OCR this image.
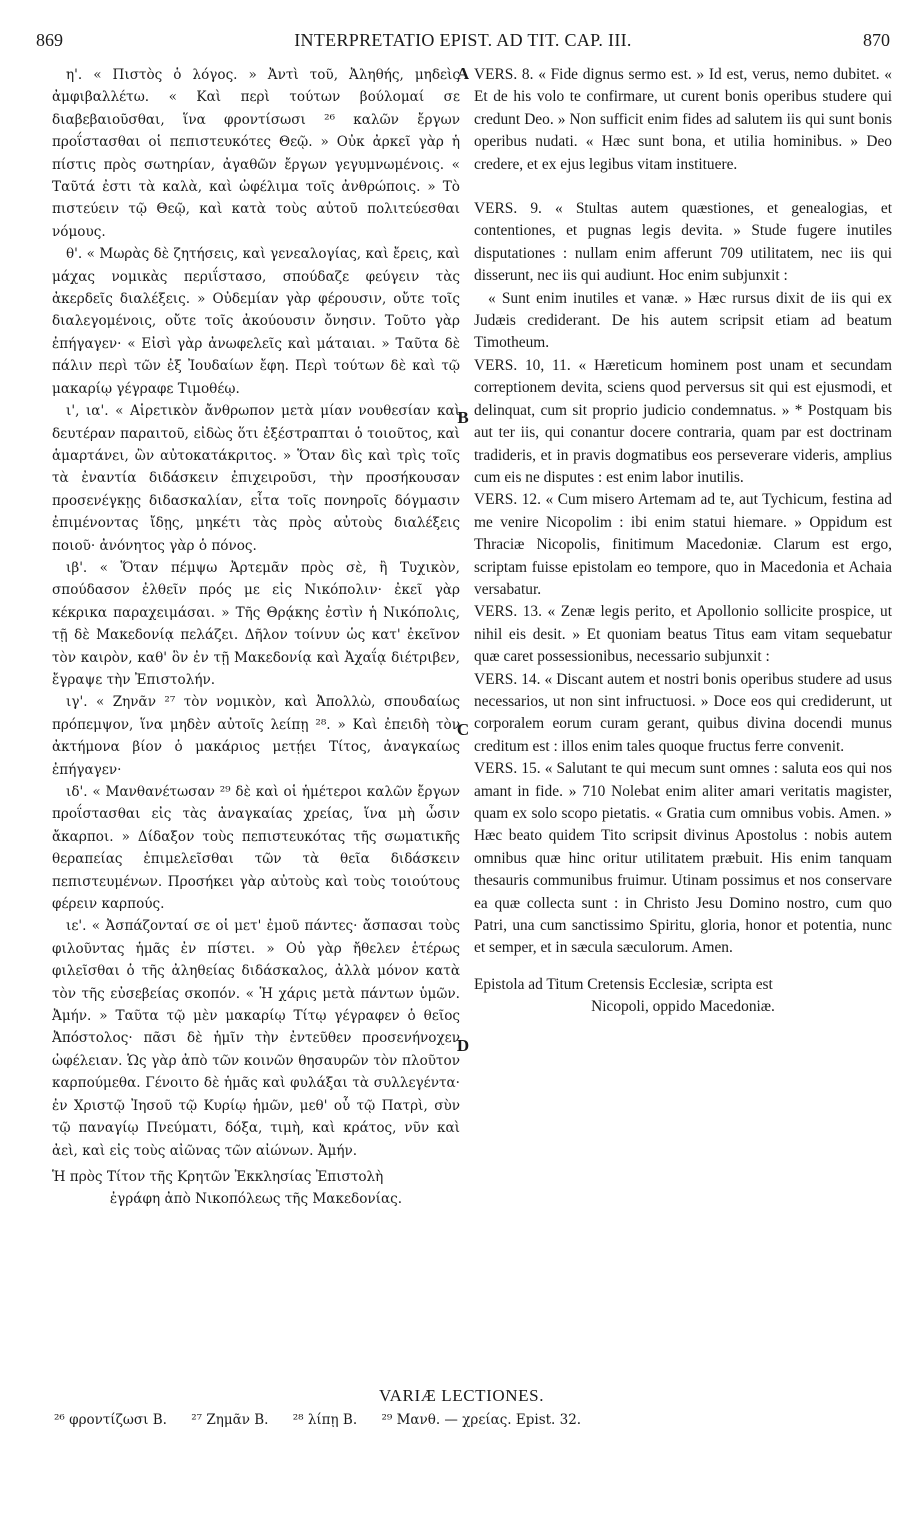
869	INTERPRETATIO EPIST. AD TIT. CAP. III.	870

η'. « Πιστὸς ὁ λόγος. » Ἀντὶ τοῦ, Ἀληθής, μηδεὶς ἀμφιβαλλέτω. « Καὶ περὶ τούτων βούλομαί σε διαβεβαιοῦσθαι, ἵνα φροντίσωσι ²⁶ καλῶν ἔργων προΐστασθαι οἱ πεπιστευκότες Θεῷ. » Οὐκ ἀρκεῖ γὰρ ἡ πίστις πρὸς σωτηρίαν, ἀγαθῶν ἔργων γεγυμνωμένοις. « Ταῦτά ἐστι τὰ καλὰ, καὶ ὠφέλιμα τοῖς ἀνθρώποις. » Τὸ πιστεύειν τῷ Θεῷ, καὶ κατὰ τοὺς αὐτοῦ πολιτεύεσθαι νόμους.

θ'. « Μωρὰς δὲ ζητήσεις, καὶ γενεαλογίας, καὶ ἔρεις, καὶ μάχας νομικὰς περιΐστασο, σπούδαζε φεύγειν τὰς ἀκερδεῖς διαλέξεις. » Οὐδεμίαν γὰρ φέρουσιν, οὔτε τοῖς διαλεγομένοις, οὔτε τοῖς ἀκούουσιν ὄνησιν. Τοῦτο γὰρ ἐπήγαγεν· « Εἰσὶ γὰρ ἀνωφελεῖς καὶ μάταιαι. » Ταῦτα δὲ πάλιν περὶ τῶν ἐξ Ἰουδαίων ἔφη. Περὶ τούτων δὲ καὶ τῷ μακαρίῳ γέγραφε Τιμοθέῳ.

ι', ια'. « Αἱρετικὸν ἄνθρωπον μετὰ μίαν νουθεσίαν καὶ δευτέραν παραιτοῦ, εἰδὼς ὅτι ἐξέστραπται ὁ τοιοῦτος, καὶ ἁμαρτάνει, ὢν αὐτοκατάκριτος. » Ὅταν δὶς καὶ τρὶς τοῖς τὰ ἐναντία διδάσκειν ἐπιχειροῦσι, τὴν προσήκουσαν προσενέγκῃς διδασκαλίαν, εἶτα τοῖς πονηροῖς δόγμασιν ἐπιμένοντας ἴδῃς, μηκέτι τὰς πρὸς αὐτοὺς διαλέξεις ποιοῦ· ἀνόνητος γὰρ ὁ πόνος.

ιβ'. « Ὅταν πέμψω Ἀρτεμᾶν πρὸς σὲ, ἢ Τυχικὸν, σπούδασον ἐλθεῖν πρός με εἰς Νικόπολιν· ἐκεῖ γὰρ κέκρικα παραχειμάσαι. » Τῆς Θρᾴκης ἐστὶν ἡ Νικόπολις, τῇ δὲ Μακεδονίᾳ πελάζει. Δῆλον τοίνυν ὡς κατ' ἐκεῖνον τὸν καιρὸν, καθ' ὃν ἐν τῇ Μακεδονίᾳ καὶ Ἀχαΐᾳ διέτριβεν, ἔγραψε τὴν Ἐπιστολήν.

ιγ'. « Ζηνᾶν ²⁷ τὸν νομικὸν, καὶ Ἀπολλὼ, σπουδαίως πρόπεμψον, ἵνα μηδὲν αὐτοῖς λείπῃ ²⁸. » Καὶ ἐπειδὴ τὸν ἀκτήμονα βίον ὁ μακάριος μετῄει Τίτος, ἀναγκαίως ἐπήγαγεν·

ιδ'. « Μανθανέτωσαν ²⁹ δὲ καὶ οἱ ἡμέτεροι καλῶν ἔργων προΐστασθαι εἰς τὰς ἀναγκαίας χρείας, ἵνα μὴ ὦσιν ἄκαρποι. » Δίδαξον τοὺς πεπιστευκότας τῆς σωματικῆς θεραπείας ἐπιμελεῖσθαι τῶν τὰ θεῖα διδάσκειν πεπιστευμένων. Προσήκει γὰρ αὐτοὺς καὶ τοὺς τοιούτους φέρειν καρπούς.

ιε'. « Ἀσπάζονταί σε οἱ μετ' ἐμοῦ πάντες· ἄσπασαι τοὺς φιλοῦντας ἡμᾶς ἐν πίστει. » Οὐ γὰρ ἤθελεν ἑτέρως φιλεῖσθαι ὁ τῆς ἀληθείας διδάσκαλος, ἀλλὰ μόνον κατὰ τὸν τῆς εὐσεβείας σκοπόν. « Ἡ χάρις μετὰ πάντων ὑμῶν. Ἀμήν. » Ταῦτα τῷ μὲν μακαρίῳ Τίτῳ γέγραφεν ὁ θεῖος Ἀπόστολος· πᾶσι δὲ ἡμῖν τὴν ἐντεῦθεν προσενήνοχεν ὠφέλειαν. Ὡς γὰρ ἀπὸ τῶν κοινῶν θησαυρῶν τὸν πλοῦτον καρπούμεθα. Γένοιτο δὲ ἡμᾶς καὶ φυλάξαι τὰ συλλεγέντα· ἐν Χριστῷ Ἰησοῦ τῷ Κυρίῳ ἡμῶν, μεθ' οὗ τῷ Πατρὶ, σὺν τῷ παναγίῳ Πνεύματι, δόξα, τιμὴ, καὶ κράτος, νῦν καὶ ἀεὶ, καὶ εἰς τοὺς αἰῶνας τῶν αἰώνων. Ἀμήν.

Ἡ πρὸς Τίτον τῆς Κρητῶν Ἐκκλησίας Ἐπιστολὴ

ἐγράφη ἀπὸ Νικοπόλεως τῆς Μακεδονίας.

VERS. 8. « Fide dignus sermo est. » Id est, verus, nemo dubitet. « Et de his volo te confirmare, ut curent bonis operibus studere qui credunt Deo. » Non sufficit enim fides ad salutem iis qui sunt bonis operibus nudati. « Hæc sunt bona, et utilia hominibus. » Deo credere, et ex ejus legibus vitam instituere.

VERS. 9. « Stultas autem quæstiones, et genealogias, et contentiones, et pugnas legis devita. » Stude fugere inutiles disputationes : nullam enim afferunt 709 utilitatem, nec iis qui disserunt, nec iis qui audiunt. Hoc enim subjunxit :

« Sunt enim inutiles et vanæ. » Hæc rursus dixit de iis qui ex Judæis crediderant. De his autem scripsit etiam ad beatum Timotheum.

VERS. 10, 11. « Hæreticum hominem post unam et secundam correptionem devita, sciens quod perversus sit qui est ejusmodi, et delinquat, cum sit proprio judicio condemnatus. » * Postquam bis aut ter iis, qui conantur docere contraria, quam par est doctrinam tradideris, et in pravis dogmatibus eos perseverare videris, amplius cum eis ne disputes : est enim labor inutilis.

VERS. 12. « Cum misero Artemam ad te, aut Tychicum, festina ad me venire Nicopolim : ibi enim statui hiemare. » Oppidum est Thraciæ Nicopolis, finitimum Macedoniæ. Clarum est ergo, scriptam fuisse epistolam eo tempore, quo in Macedonia et Achaia versabatur.

VERS. 13. « Zenæ legis perito, et Apollonio sollicite prospice, ut nihil eis desit. » Et quoniam beatus Titus eam vitam sequebatur quæ caret possessionibus, necessario subjunxit :

VERS. 14. « Discant autem et nostri bonis operibus studere ad usus necessarios, ut non sint infructuosi. » Doce eos qui crediderunt, ut corporalem eorum curam gerant, quibus divina docendi munus creditum est : illos enim tales quoque fructus ferre convenit.

VERS. 15. « Salutant te qui mecum sunt omnes : saluta eos qui nos amant in fide. » 710 Nolebat enim aliter amari veritatis magister, quam ex solo scopo pietatis. « Gratia cum omnibus vobis. Amen. » Hæc beato quidem Tito scripsit divinus Apostolus : nobis autem omnibus quæ hinc oritur utilitatem præbuit. His enim tanquam thesauris communibus fruimur. Utinam possimus et nos conservare ea quæ collecta sunt : in Christo Jesu Domino nostro, cum quo Patri, una cum sanctissimo Spiritu, gloria, honor et potentia, nunc et semper, et in sæcula sæculorum. Amen.

Epistola ad Titum Cretensis Ecclesiæ, scripta est

Nicopoli, oppido Macedoniæ.

A
B
C
D
VARIÆ LECTIONES.
²⁶ φροντίζωσι B. ²⁷ Ζημᾶν B. ²⁸ λίπῃ B. ²⁹ Μανθ. — χρείας. Epist. 32.
